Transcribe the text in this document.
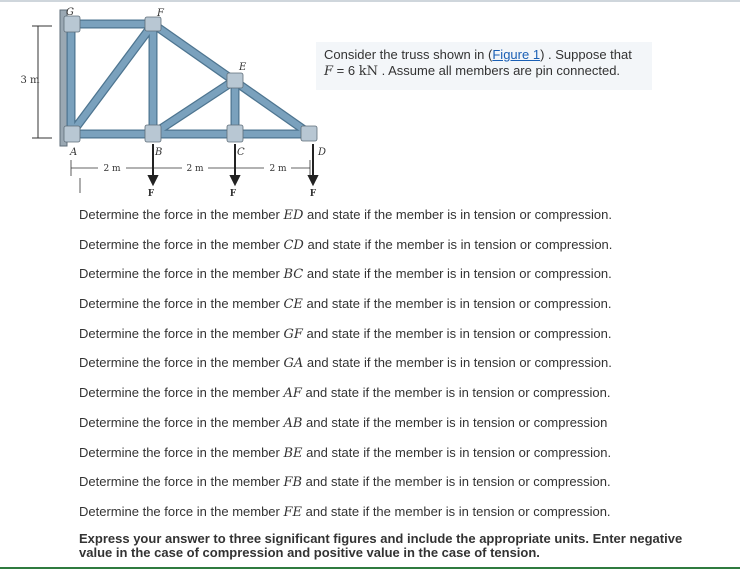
3 m
G	F
E
A	B	C	D
2 m	2 m	2 m
F	F	F
Consider the truss shown in (Figure 1) . Suppose that
F = 6 kN . Assume all members are pin connected.
Determine the force in the member ED and state if the member is in tension or compression.
Determine the force in the member CD and state if the member is in tension or compression.
Determine the force in the member BC and state if the member is in tension or compression.
Determine the force in the member CE and state if the member is in tension or compression.
Determine the force in the member GF and state if the member is in tension or compression.
Determine the force in the member GA and state if the member is in tension or compression.
Determine the force in the member AF and state if the member is in tension or compression.
Determine the force in the member AB and state if the member is in tension or compression
Determine the force in the member BE and state if the member is in tension or compression.
Determine the force in the member FB and state if the member is in tension or compression.
Determine the force in the member FE and state if the member is in tension or compression.
Express your answer to three significant figures and include the appropriate units. Enter negative value in the case of compression and positive value in the case of tension.
